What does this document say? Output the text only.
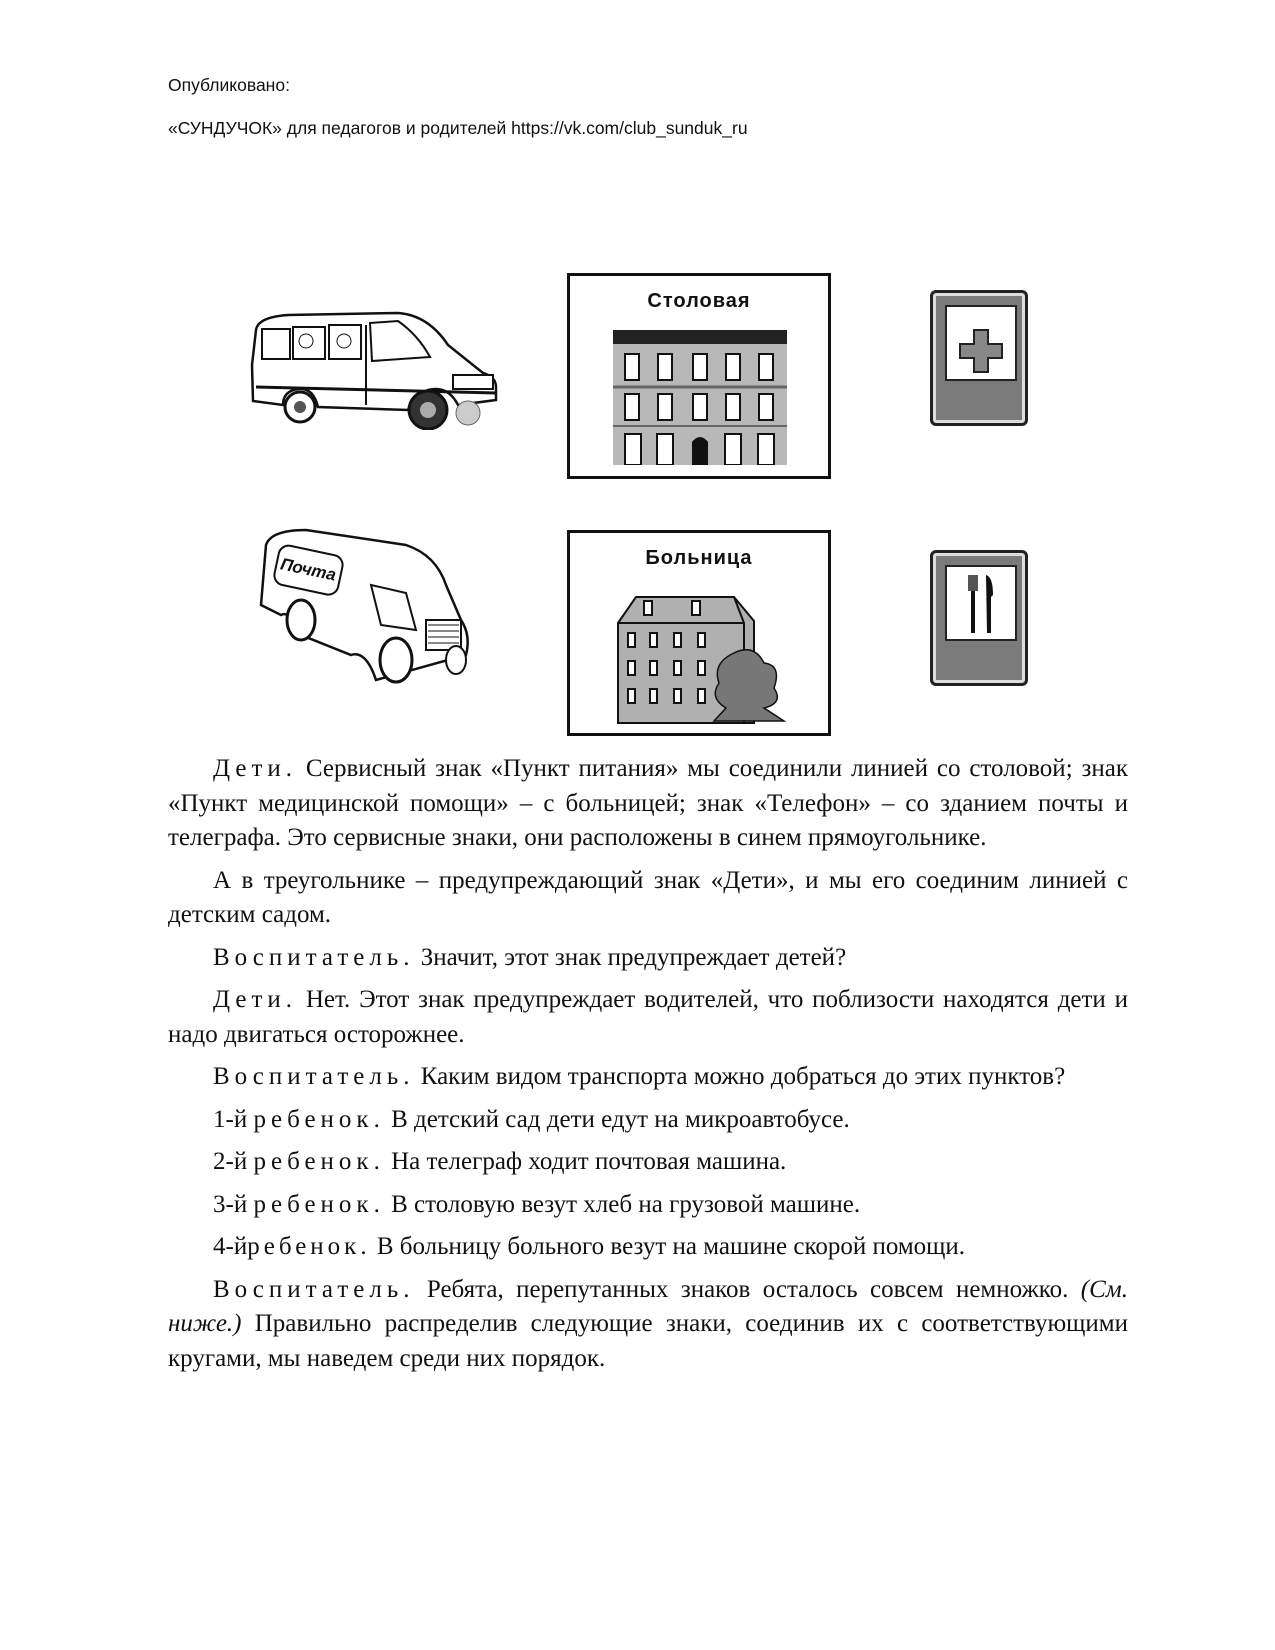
Опубликовано:
«СУНДУЧОК» для педагогов и родителей https://vk.com/club_sunduk_ru
Столовая
Почта	Больница

Дети. Сервисный знак «Пункт питания» мы соединили линией со столовой; знак «Пункт медицинской помощи» – с больницей; знак «Телефон» – со зданием почты и телеграфа. Это сервисные знаки, они расположены в синем прямоугольнике.

А в треугольнике – предупреждающий знак «Дети», и мы его соединим линией с детским садом.

Воспитатель. Значит, этот знак предупреждает детей?

Дети. Нет. Этот знак предупреждает водителей, что поблизости находятся дети и надо двигаться осторожнее.

Воспитатель. Каким видом транспорта можно добраться до этих пунктов?

1-й ребенок. В детский сад дети едут на микроавтобусе.

2-й ребенок. На телеграф ходит почтовая машина.

3-й ребенок. В столовую везут хлеб на грузовой машине.

4-йребенок. В больницу больного везут на машине скорой помощи.

Воспитатель. Ребята, перепутанных знаков осталось совсем немножко. (См. ниже.) Правильно распределив следующие знаки, соединив их с соответствующими кругами, мы наведем среди них порядок.
